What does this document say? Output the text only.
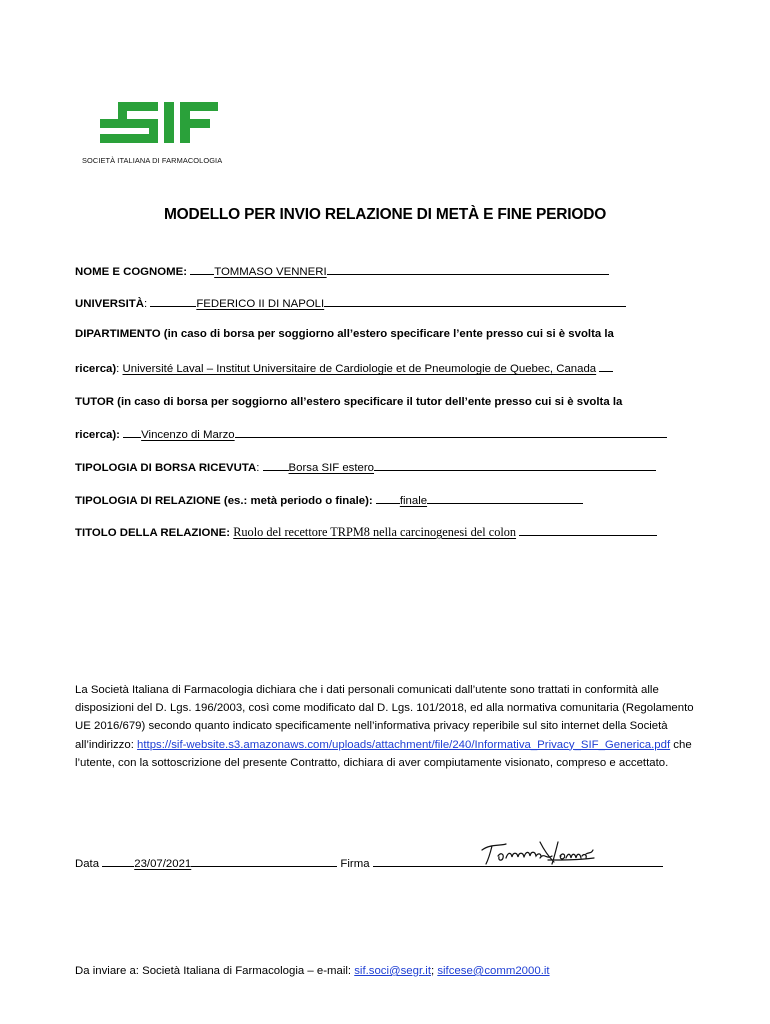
SOCIETÀ ITALIANA DI FARMACOLOGIA
MODELLO PER INVIO RELAZIONE DI METÀ E FINE PERIODO
NOME E COGNOME: TOMMASO VENNERI
UNIVERSITÀ:	FEDERICO II DI NAPOLI
DIPARTIMENTO (in caso di borsa per soggiorno all’estero specificare l’ente presso cui si è svolta la
ricerca): Université Laval – Institut Universitaire de Cardiologie et de Pneumologie de Quebec, Canada
TUTOR (in caso di borsa per soggiorno all’estero specificare il tutor dell’ente presso cui si è svolta la
ricerca): Vincenzo di Marzo
TIPOLOGIA DI BORSA RICEVUTA: Borsa SIF estero
TIPOLOGIA DI RELAZIONE (es.: metà periodo o finale): finale
TITOLO DELLA RELAZIONE: Ruolo del recettore TRPM8 nella carcinogenesi del colon
La Società Italiana di Farmacologia dichiara che i dati personali comunicati dall’utente sono trattati in conformità alle disposizioni del D. Lgs. 196/2003, così come modificato dal D. Lgs. 101/2018, ed alla normativa comunitaria (Regolamento UE 2016/679) secondo quanto indicato specificamente nell’informativa privacy reperibile sul sito internet della Società all’indirizzo: https://sif-website.s3.amazonaws.com/uploads/attachment/file/240/Informativa_Privacy_SIF_Generica.pdf che l’utente, con la sottoscrizione del presente Contratto, dichiara di aver compiutamente visionato, compreso e accettato.
Data	23/07/2021	Firma
Da inviare a: Società Italiana di Farmacologia – e-mail: sif.soci@segr.it; sifcese@comm2000.it
